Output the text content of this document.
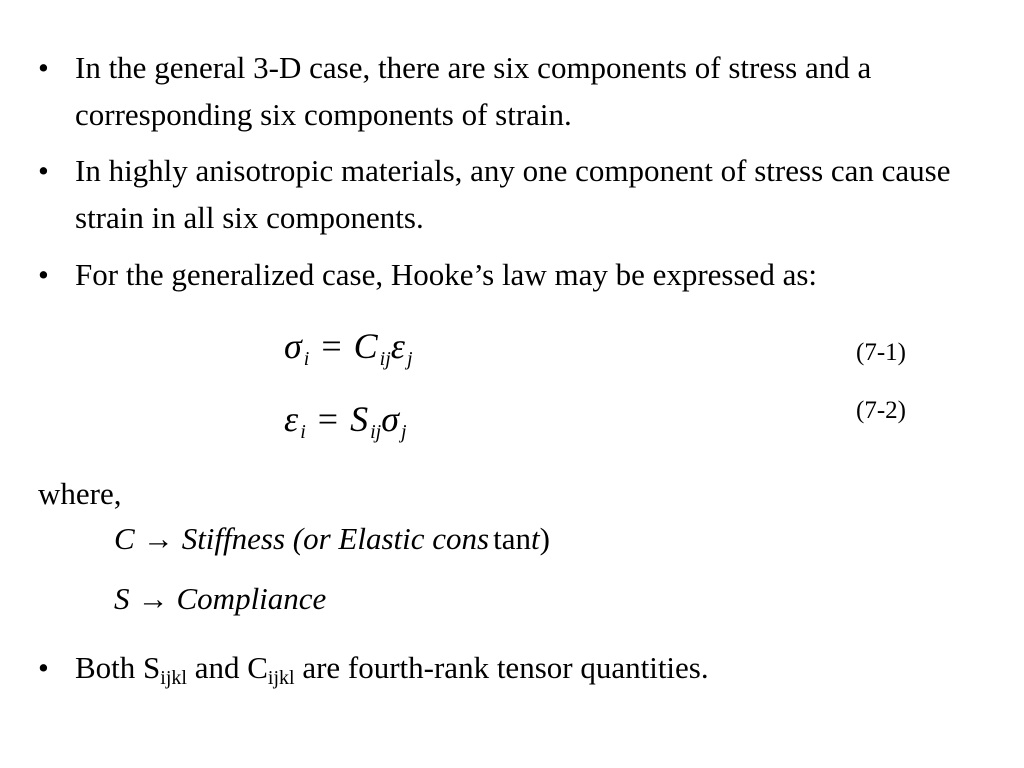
• In the general 3-D case, there are six components of stress and a corresponding six components of strain.
• In highly anisotropic materials, any one component of stress can cause strain in all six components.
• For the generalized case, Hooke’s law may be expressed as:
σ $_i$ = C $_{ij}$ε $_j$	(7-1)
ε $_i$ = S $_{ij}$σ $_j$
(7-2)
where,
C → Stiffness (or Elastic cons tant)
S → Compliance
• Both Sijkl and Cijkl are fourth-rank tensor quantities.
